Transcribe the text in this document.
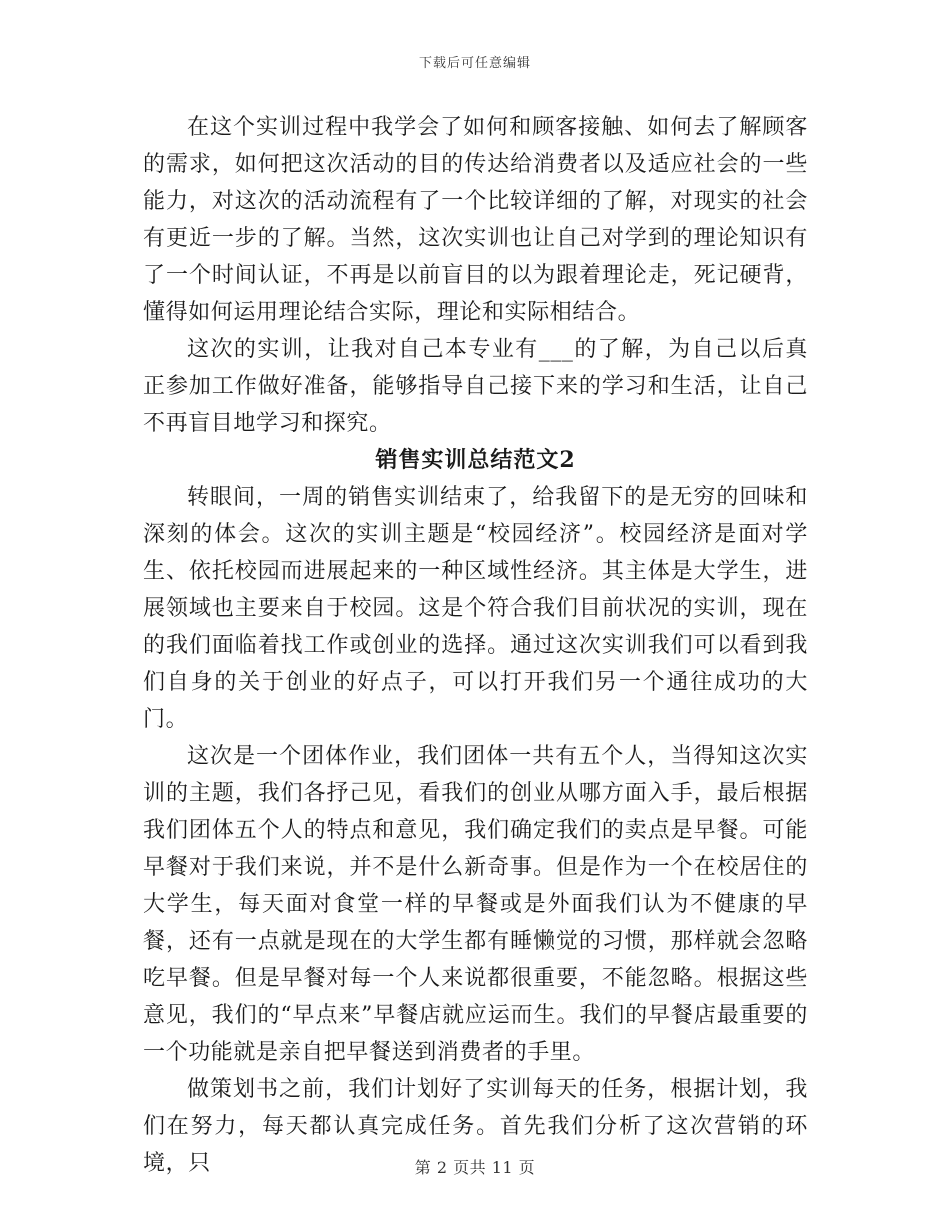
下载后可任意编辑

在这个实训过程中我学会了如何和顾客接触、如何去了解顾客的需求，如何把这次活动的目的传达给消费者以及适应社会的一些能力，对这次的活动流程有了一个比较详细的了解，对现实的社会有更近一步的了解。当然，这次实训也让自己对学到的理论知识有了一个时间认证，不再是以前盲目的以为跟着理论走，死记硬背，懂得如何运用理论结合实际，理论和实际相结合。

这次的实训，让我对自己本专业有___的了解，为自己以后真正参加工作做好准备，能够指导自己接下来的学习和生活，让自己不再盲目地学习和探究。

销售实训总结范文2

转眼间，一周的销售实训结束了，给我留下的是无穷的回味和深刻的体会。这次的实训主题是“校园经济”。校园经济是面对学生、依托校园而进展起来的一种区域性经济。其主体是大学生，进展领域也主要来自于校园。这是个符合我们目前状况的实训，现在的我们面临着找工作或创业的选择。通过这次实训我们可以看到我们自身的关于创业的好点子，可以打开我们另一个通往成功的大门。

这次是一个团体作业，我们团体一共有五个人，当得知这次实训的主题，我们各抒己见，看我们的创业从哪方面入手，最后根据我们团体五个人的特点和意见，我们确定我们的卖点是早餐。可能早餐对于我们来说，并不是什么新奇事。但是作为一个在校居住的大学生，每天面对食堂一样的早餐或是外面我们认为不健康的早餐，还有一点就是现在的大学生都有睡懒觉的习惯，那样就会忽略吃早餐。但是早餐对每一个人来说都很重要，不能忽略。根据这些意见，我们的“早点来”早餐店就应运而生。我们的早餐店最重要的一个功能就是亲自把早餐送到消费者的手里。

做策划书之前，我们计划好了实训每天的任务，根据计划，我们在努力，每天都认真完成任务。首先我们分析了这次营销的环境，只	第 2 页共 11 页
